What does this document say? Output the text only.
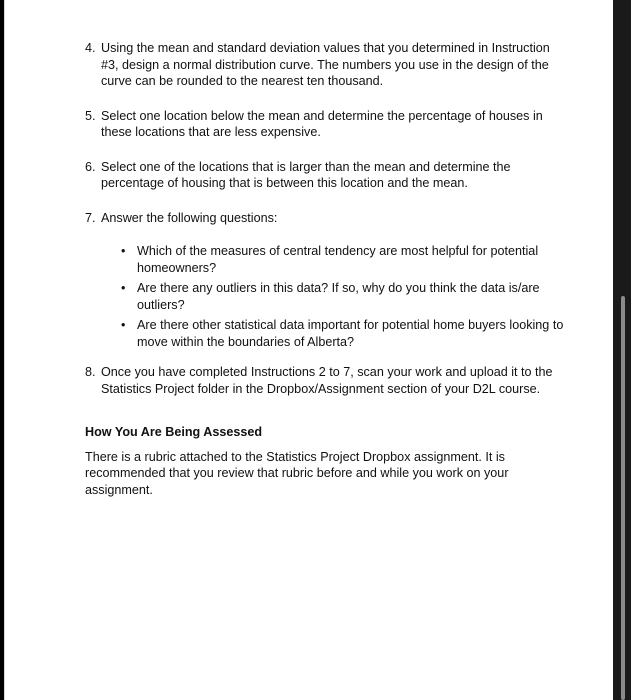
4. Using the mean and standard deviation values that you determined in Instruction #3, design a normal distribution curve. The numbers you use in the design of the curve can be rounded to the nearest ten thousand.
5. Select one location below the mean and determine the percentage of houses in these locations that are less expensive.
6. Select one of the locations that is larger than the mean and determine the percentage of housing that is between this location and the mean.
7. Answer the following questions:
• Which of the measures of central tendency are most helpful for potential homeowners?
• Are there any outliers in this data? If so, why do you think the data is/are outliers?
• Are there other statistical data important for potential home buyers looking to move within the boundaries of Alberta?
8. Once you have completed Instructions 2 to 7, scan your work and upload it to the Statistics Project folder in the Dropbox/Assignment section of your D2L course.
How You Are Being Assessed

There is a rubric attached to the Statistics Project Dropbox assignment. It is recommended that you review that rubric before and while you work on your assignment.
